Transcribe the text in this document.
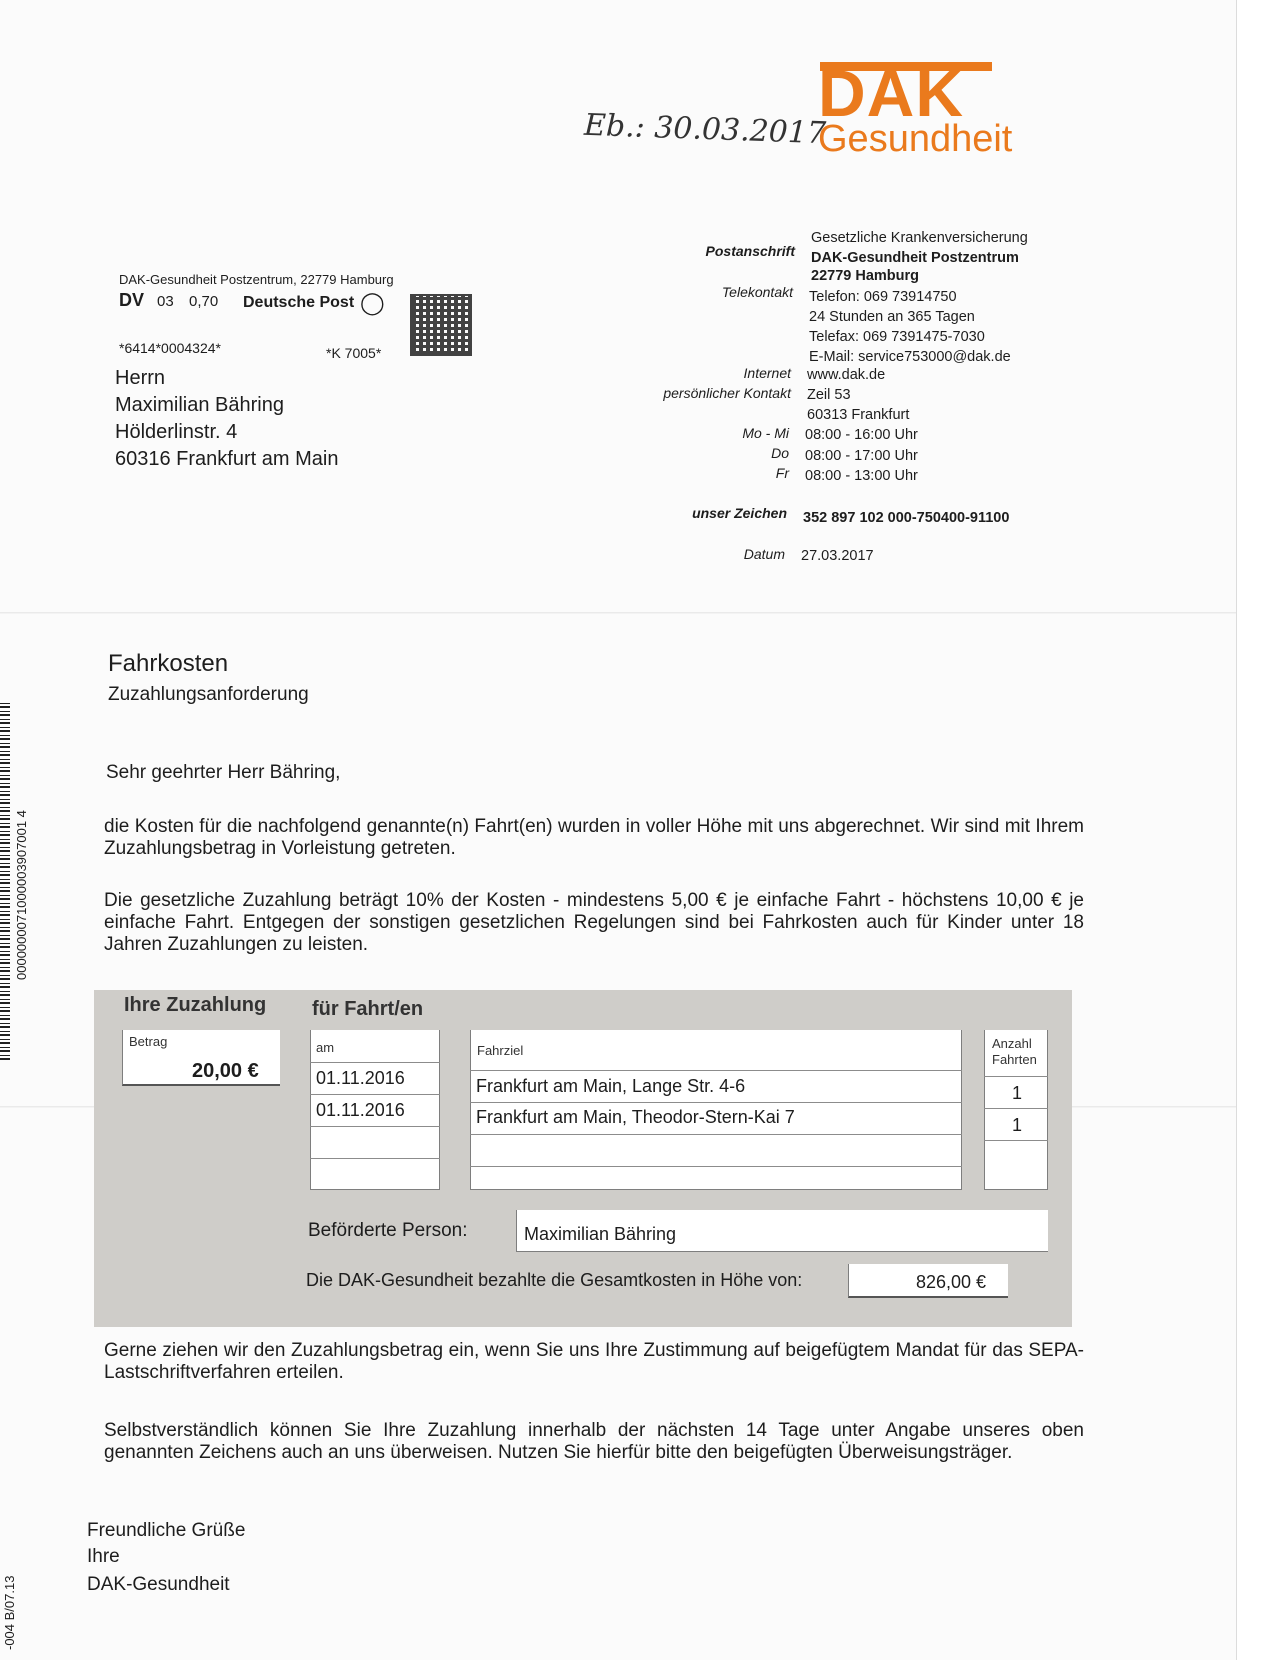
Eb.: 30.03.2017
DAK
Gesundheit
DAK-Gesundheit Postzentrum, 22779 Hamburg
DV 03 0,70 Deutsche Post ◯
*6414*0004324*	*K 7005*
Herrn
Maximilian Bähring
Hölderlinstr. 4
60316 Frankfurt am Main
Gesetzliche Krankenversicherung
Postanschrift DAK-Gesundheit Postzentrum
22779 Hamburg
Telekontakt Telefon: 069 73914750
24 Stunden an 365 Tagen
Telefax: 069 7391475-7030
E-Mail: service753000@dak.de
Internet www.dak.de
persönlicher Kontakt Zeil 53
60313 Frankfurt
Mo - Mi 08:00 - 16:00 Uhr
Do 08:00 - 17:00 Uhr
Fr 08:00 - 13:00 Uhr
unser Zeichen 352 897 102 000-750400-91100
Datum 27.03.2017
Fahrkosten
Zuzahlungsanforderung
Sehr geehrter Herr Bähring,
die Kosten für die nachfolgend genannte(n) Fahrt(en) wurden in voller Höhe mit uns abgerechnet. Wir sind mit Ihrem Zuzahlungsbetrag in Vorleistung getreten.
Die gesetzliche Zuzahlung beträgt 10% der Kosten - mindestens 5,00 € je einfache Fahrt - höchstens 10,00 € je einfache Fahrt. Entgegen der sonstigen gesetzlichen Regelungen sind bei Fahrkosten auch für Kinder unter 18 Jahren Zuzahlungen zu leisten.
Ihre Zuzahlung für Fahrt/en
Betrag
20,00 €
am	Fahrziel	Anzahl
Fahrten
01.11.2016	Frankfurt am Main, Lange Str. 4-6	1
01.11.2016	Frankfurt am Main, Theodor-Stern-Kai 7	1
Beförderte Person:	Maximilian Bähring
Die DAK-Gesundheit bezahlte die Gesamtkosten in Höhe von:	826,00 €
Gerne ziehen wir den Zuzahlungsbetrag ein, wenn Sie uns Ihre Zustimmung auf beigefügtem Mandat für das SEPA-Lastschriftverfahren erteilen.
Selbstverständlich können Sie Ihre Zuzahlung innerhalb der nächsten 14 Tage unter Angabe unseres oben genannten Zeichens auch an uns überweisen. Nutzen Sie hierfür bitte den beigefügten Überweisungsträger.
Freundliche Grüße
Ihre
DAK-Gesundheit
0000000071000003907001 4
-004 B/07.13
